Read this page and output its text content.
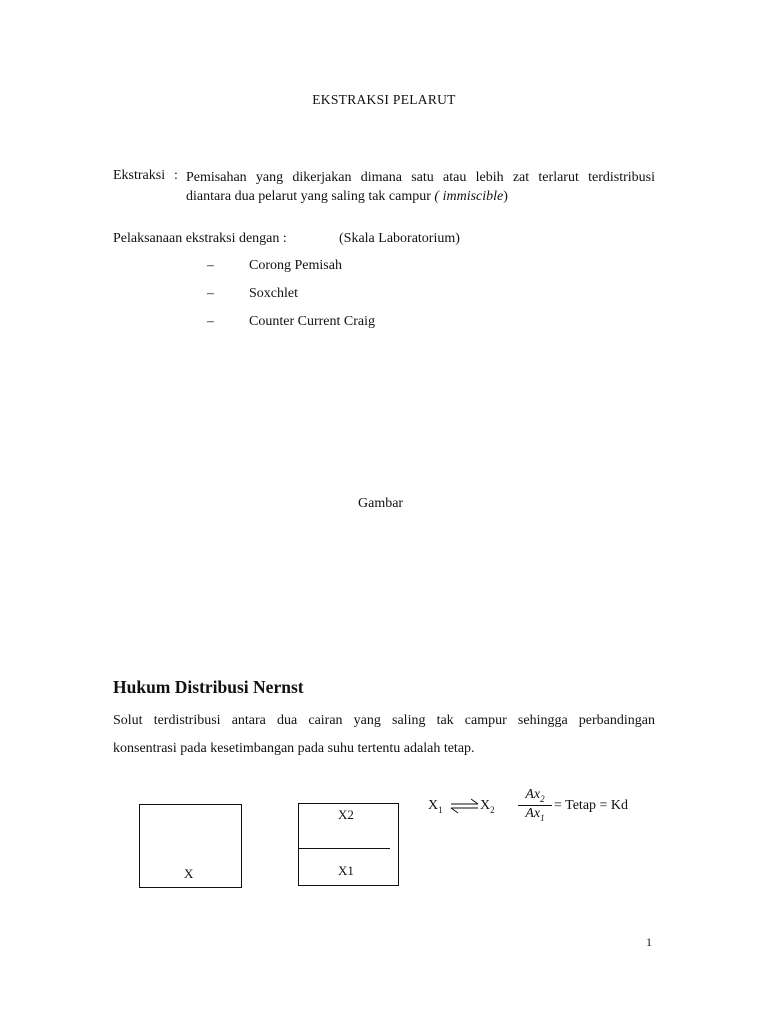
EKSTRAKSI PELARUT
Ekstraksi : Pemisahan yang dikerjakan dimana satu atau lebih zat terlarut terdistribusi
diantara dua pelarut yang saling tak campur ( immiscible)
Pelaksanaan ekstraksi dengan :	(Skala Laboratorium)
–	Corong Pemisah
–	Soxchlet
–	Counter Current Craig
Gambar
Hukum Distribusi Nernst
Solut terdistribusi antara dua cairan yang saling tak campur sehingga perbandingan
konsentrasi pada kesetimbangan pada suhu tertentu adalah tetap.
X
X2
X1
$X_1$ ⇌ $X_2 \frac{Ax_2}{Ax_1}$ = Tetap = Kd
1
